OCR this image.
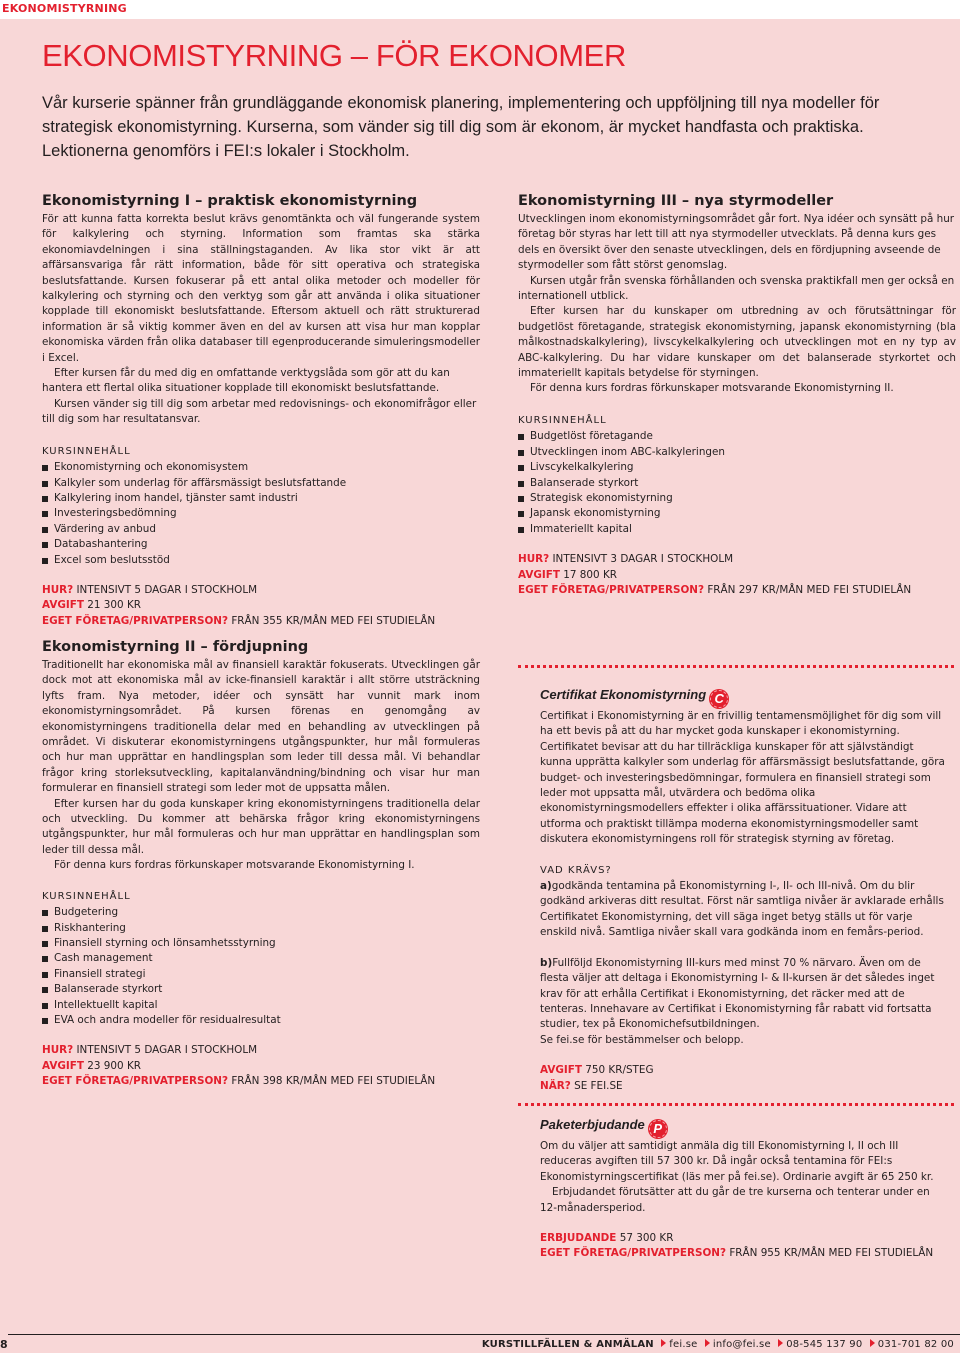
EKONOMISTYRNING
EKONOMISTYRNING – FÖR EKONOMER
Vår kurserie spänner från grundläggande ekonomisk planering, implementering och uppföljning till nya modeller för strategisk ekonomistyrning. Kurserna, som vänder sig till dig som är ekonom, är mycket handfasta och praktiska. Lektionerna genomförs i FEI:s lokaler i Stockholm.
Ekonomistyrning I – praktisk ekonomistyrning

För att kunna fatta korrekta beslut krävs genomtänkta och väl fungerande system för kalkylering och styrning. Information som framtas ska stärka ekonomiavdelningen i sina ställningstaganden. Av lika stor vikt är att affärsansvariga får rätt information, både för sitt operativa och strategiska beslutsfattande. Kursen fokuserar på ett antal olika metoder och modeller för kalkylering och styrning och den verktyg som går att använda i olika situationer kopplade till ekonomiskt beslutsfattande. Eftersom aktuell och rätt strukturerad information är så viktig kommer även en del av kursen att visa hur man kopplar ekonomiska värden från olika databaser till egenproducerande simuleringsmodeller i Excel.

Efter kursen får du med dig en omfattande verktygslåda som gör att du kan hantera ett flertal olika situationer kopplade till ekonomiskt beslutsfattande.

Kursen vänder sig till dig som arbetar med redovisnings- och ekonomifrågor eller till dig som har resultatansvar.

KURSINNEHÅLL
Ekonomistyrning och ekonomisystem
Kalkyler som underlag för affärsmässigt beslutsfattande
Kalkylering inom handel, tjänster samt industri
Investeringsbedömning
Värdering av anbud
Databashantering
Excel som beslutsstöd
HUR? INTENSIVT 5 DAGAR I STOCKHOLM
AVGIFT 21 300 KR
EGET FÖRETAG/PRIVATPERSON? FRÅN 355 KR/MÅN MED FEI STUDIELÅN
Ekonomistyrning III – nya styrmodeller

Utvecklingen inom ekonomistyrningsområdet går fort. Nya idéer och synsätt på hur företag bör styras har lett till att nya styrmodeller utvecklats. På denna kurs ges dels en översikt över den senaste utvecklingen, dels en fördjupning avseende de styrmodeller som fått störst genomslag.

Kursen utgår från svenska förhållanden och svenska praktikfall men ger också en internationell utblick.

Efter kursen har du kunskaper om utbredning av och förutsättningar för budgetlöst företagande, strategisk ekonomistyrning, japansk ekonomistyrning (bla målkostnadskalkylering), livscykelkalkylering och utvecklingen mot en ny typ av ABC-kalkylering. Du har vidare kunskaper om det balanserade styrkortet och immateriellt kapitals betydelse för styrningen.

För denna kurs fordras förkunskaper motsvarande Ekonomistyrning II.

KURSINNEHÅLL
Budgetlöst företagande
Utvecklingen inom ABC-kalkyleringen
Livscykelkalkylering
Balanserade styrkort
Strategisk ekonomistyrning
Japansk ekonomistyrning
Immateriellt kapital
HUR? INTENSIVT 3 DAGAR I STOCKHOLM
AVGIFT 17 800 KR
EGET FÖRETAG/PRIVATPERSON? FRÅN 297 KR/MÅN MED FEI STUDIELÅN
Ekonomistyrning II – fördjupning

Traditionellt har ekonomiska mål av finansiell karaktär fokuserats. Utvecklingen går dock mot att ekonomiska mål av icke-finansiell karaktär i allt större utsträckning lyfts fram. Nya metoder, idéer och synsätt har vunnit mark inom ekonomistyrningsområdet. På kursen förenas en genomgång av ekonomistyrningens traditionella delar med en behandling av utvecklingen på området. Vi diskuterar ekonomistyrningens utgångspunkter, hur mål formuleras och hur man upprättar en handlingsplan som leder till dessa mål. Vi behandlar frågor kring storleksutveckling, kapitalanvändning/bindning och visar hur man formulerar en finansiell strategi som leder mot de uppsatta målen.

Efter kursen har du goda kunskaper kring ekonomistyrningens traditionella delar och utveckling. Du kommer att behärska frågor kring ekonomistyrningens utgångspunkter, hur mål formuleras och hur man upprättar en handlingsplan som leder till dessa mål.

För denna kurs fordras förkunskaper motsvarande Ekonomistyrning I.

KURSINNEHÅLL
Budgetering
Riskhantering
Finansiell styrning och lönsamhetsstyrning
Cash management
Finansiell strategi
Balanserade styrkort
Intellektuellt kapital
EVA och andra modeller för residualresultat
HUR? INTENSIVT 5 DAGAR I STOCKHOLM
AVGIFT 23 900 KR
EGET FÖRETAG/PRIVATPERSON? FRÅN 398 KR/MÅN MED FEI STUDIELÅN
Certifikat Ekonomistyrning C

Certifikat i Ekonomistyrning är en frivillig tentamensmöjlighet för dig som vill ha ett bevis på att du har mycket goda kunskaper i ekonomistyrning. Certifikatet bevisar att du har tillräckliga kunskaper för att självständigt kunna upprätta kalkyler som underlag för affärsmässigt beslutsfattande, göra budget- och investeringsbedömningar, formulera en finansiell strategi som leder mot uppsatta mål, utvärdera och bedöma olika ekonomistyrningsmodellers effekter i olika affärssituationer. Vidare att utforma och praktiskt tillämpa moderna ekonomistyrningsmodeller samt diskutera ekonomistyrningens roll för strategisk styrning av företag.

VAD KRÄVS?

a)godkända tentamina på Ekonomistyrning I-, II- och III-nivå. Om du blir godkänd arkiveras ditt resultat. Först när samtliga nivåer är avklarade erhålls Certifikatet Ekonomistyrning, det vill säga inget betyg ställs ut för varje enskild nivå. Samtliga nivåer skall vara godkända inom en femårs-period.

b)Fullföljd Ekonomistyrning III-kurs med minst 70 % närvaro. Även om de flesta väljer att deltaga i Ekonomistyrning I- & II-kursen är det således inget krav för att erhålla Certifikat i Ekonomistyrning, det räcker med att de tenteras. Innehavare av Certifikat i Ekonomistyrning får rabatt vid fortsatta studier, tex på Ekonomichefsutbildningen.

Se fei.se för bestämmelser och belopp.

AVGIFT 750 KR/STEG
NÄR? SE FEI.SE
Paketerbjudande P

Om du väljer att samtidigt anmäla dig till Ekonomistyrning I, II och III reduceras avgiften till 57 300 kr. Då ingår också tentamina för FEI:s Ekonomistyrningscertifikat (läs mer på fei.se). Ordinarie avgift är 65 250 kr.

Erbjudandet förutsätter att du går de tre kurserna och tenterar under en 12-månadersperiod.

ERBJUDANDE 57 300 KR
EGET FÖRETAG/PRIVATPERSON? FRÅN 955 KR/MÅN MED FEI STUDIELÅN
8	KURSTILLFÄLLEN & ANMÄLAN fei.se info@fei.se 08-545 137 90 031-701 82 00
